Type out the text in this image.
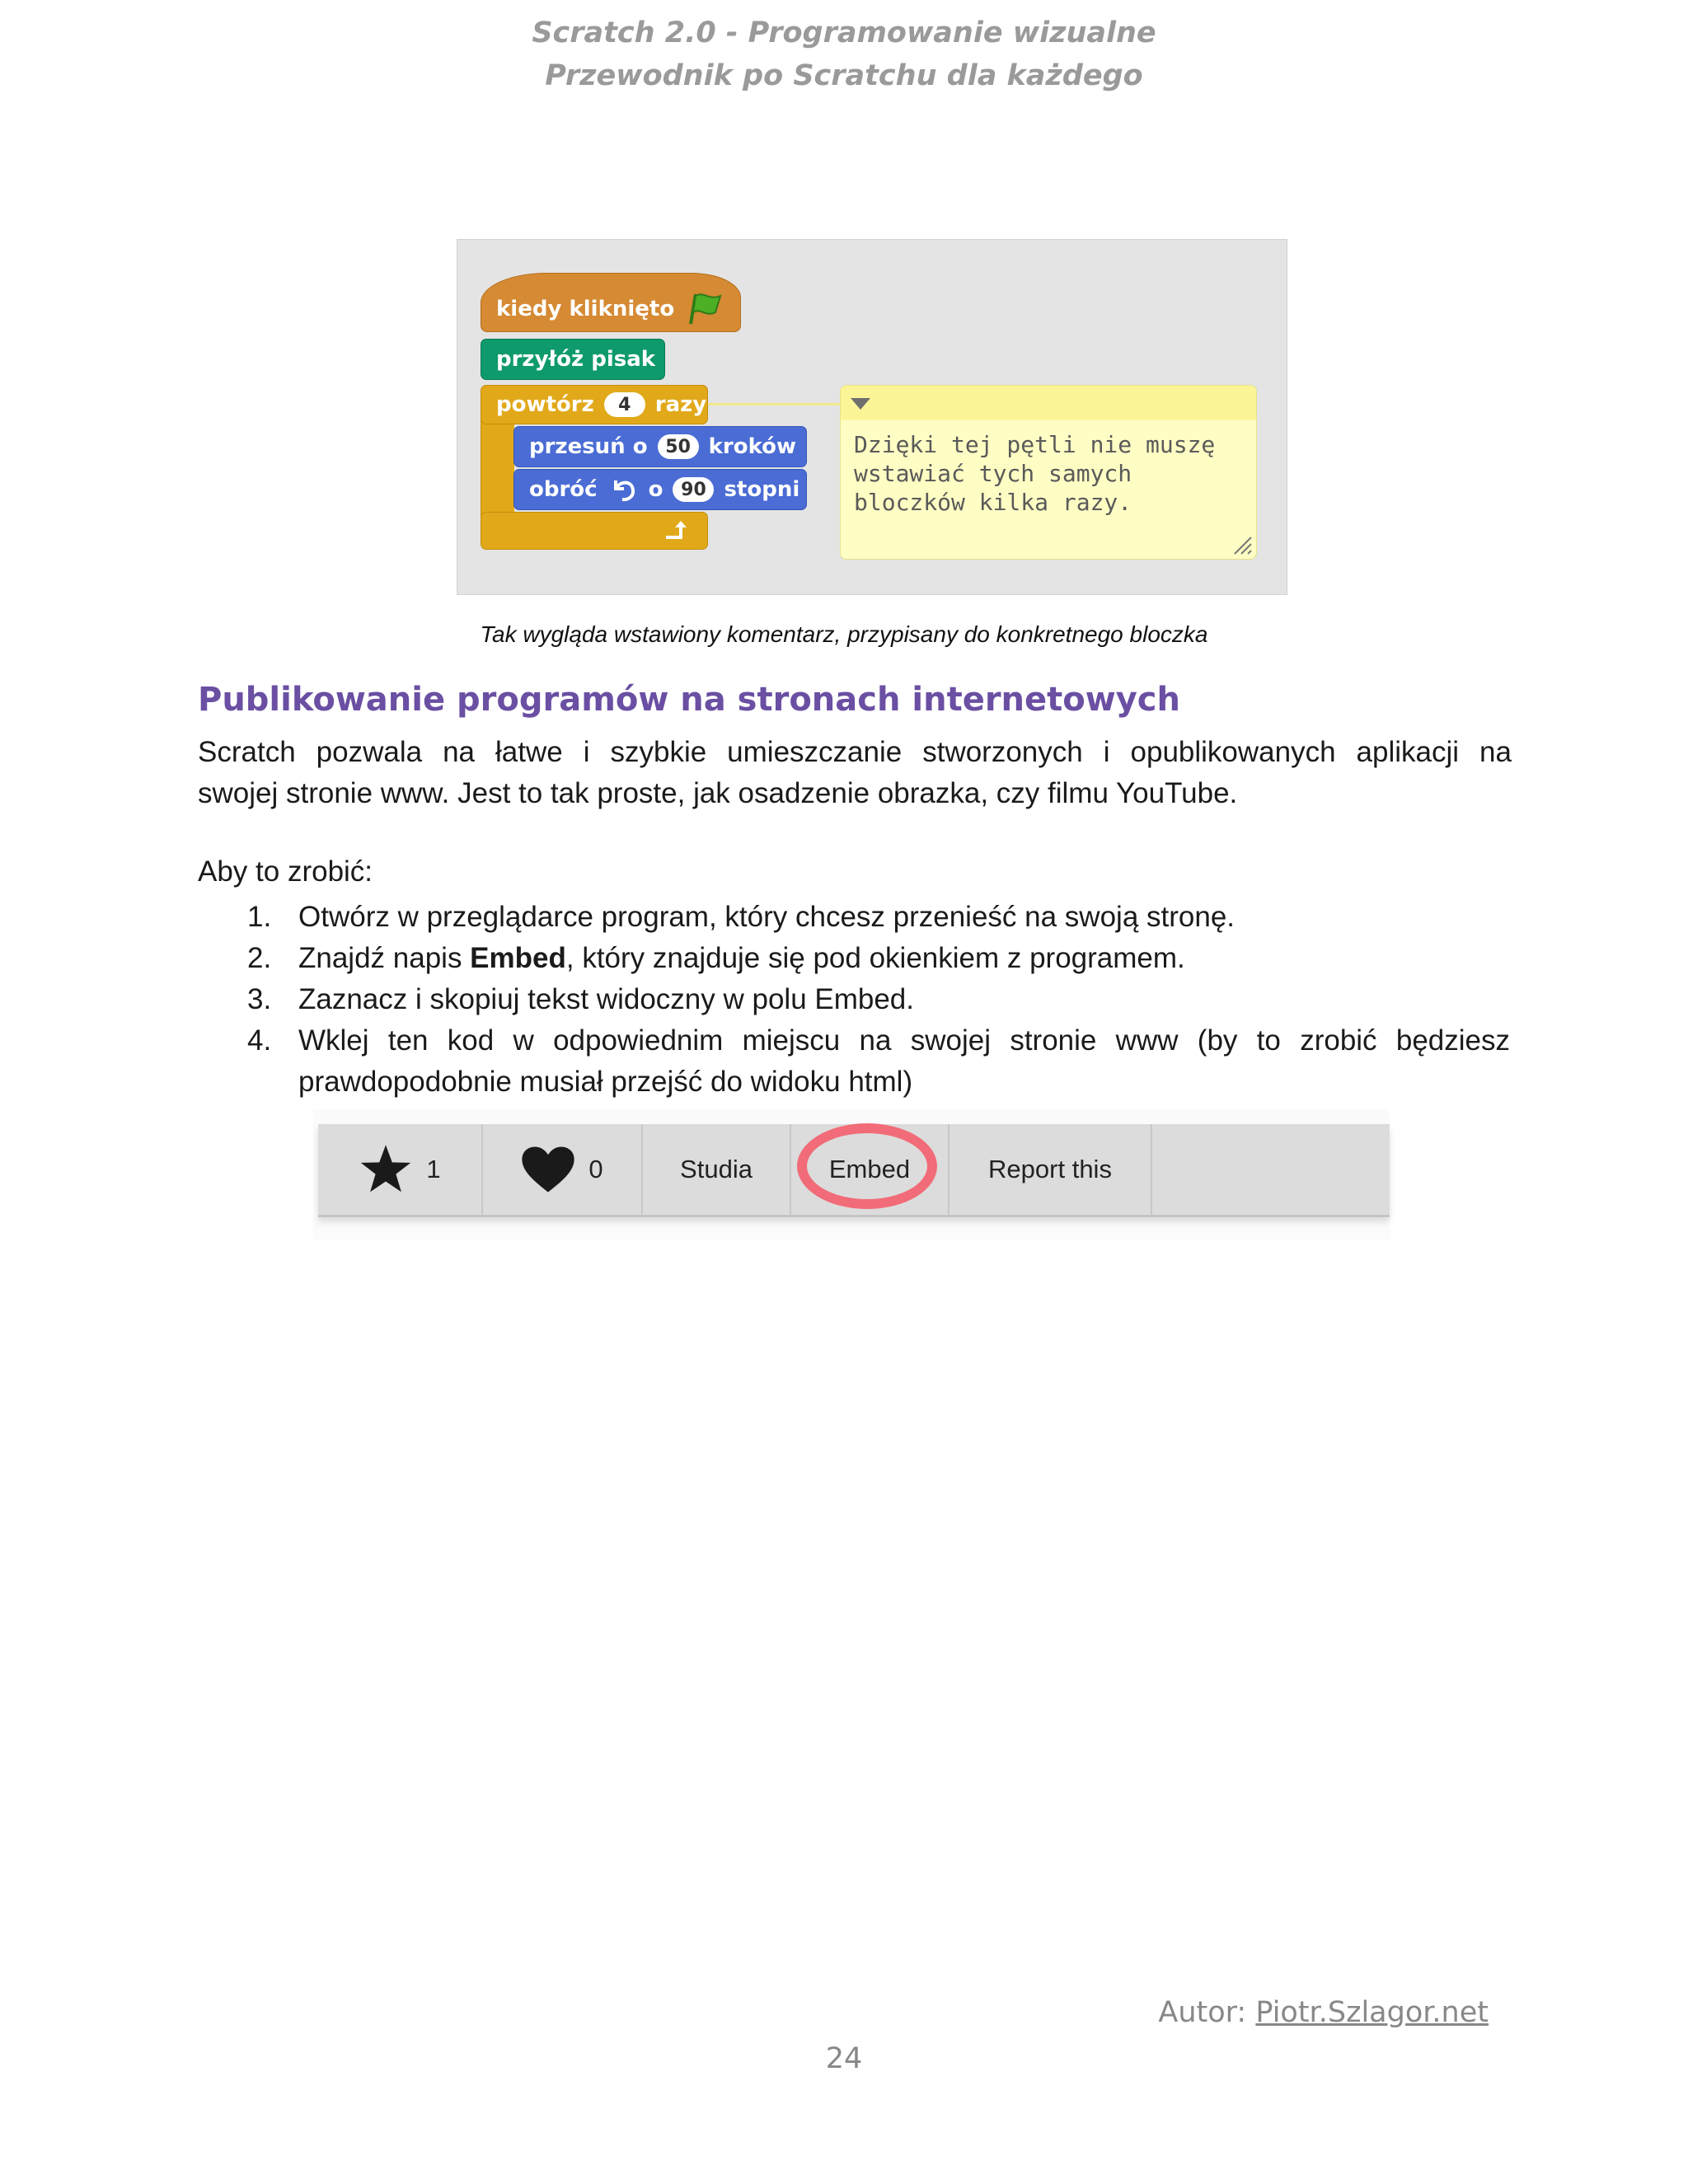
Scratch 2.0 - Programowanie wizualne
Przewodnik po Scratchu dla każdego
kiedy kliknięto
przyłóż pisak
powtórz	4	razy
przesuń o 50 kroków
obróć o 90 stopni
Dzięki tej pętli nie muszę
wstawiać tych samych
bloczków kilka razy.
Tak wygląda wstawiony komentarz, przypisany do konkretnego bloczka
Publikowanie programów na stronach internetowych
Scratch pozwala na łatwe i szybkie umieszczanie stworzonych i opublikowanych aplikacji na
swojej stronie www. Jest to tak proste, jak osadzenie obrazka, czy filmu YouTube.
Aby to zrobić:
1. Otwórz w przeglądarce program, który chcesz przenieść na swoją stronę.
2. Znajdź napis Embed, który znajduje się pod okienkiem z programem.
3. Zaznacz i skopiuj tekst widoczny w polu Embed.
4. Wklej ten kod w odpowiednim miejscu na swojej stronie www (by to zrobić będziesz
prawdopodobnie musiał przejść do widoku html)
1	0	Studia	Embed	Report this
Autor: Piotr.Szlagor.net
24
